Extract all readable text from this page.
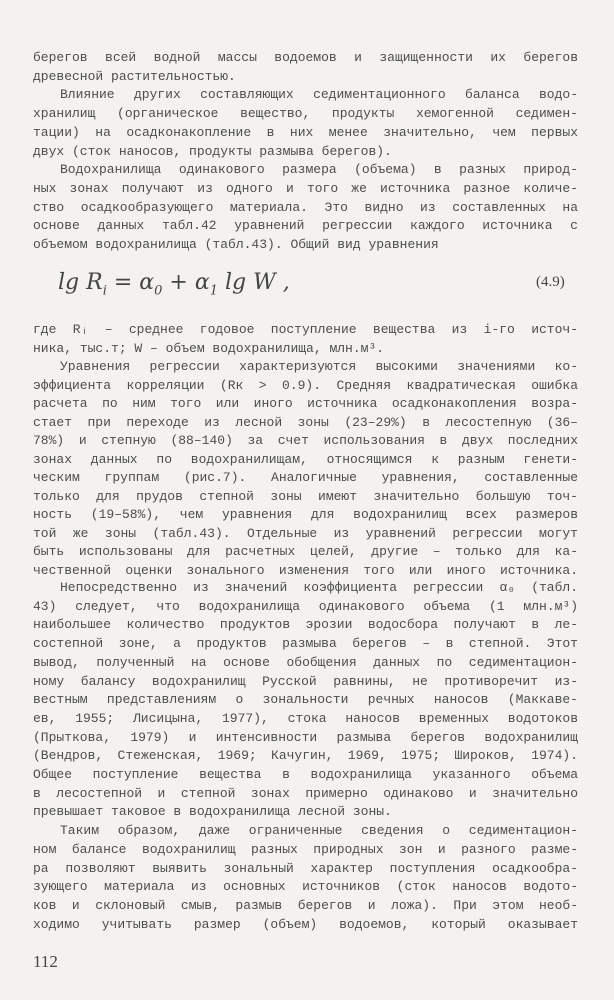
берегов всей водной массы водоемов и защищенности их берегов
древесной растительностью.
Влияние других составляющих седиментационного баланса водо-
хранилищ (органическое вещество, продукты хемогенной седимен-
тации) на осадконакопление в них менее значительно, чем первых
двух (сток наносов, продукты размыва берегов).
Водохранилища одинакового размера (объема) в разных природ-
ных зонах получают из одного и того же источника разное количе-
ство осадкообразующего материала. Это видно из составленных на
основе данных табл.42 уравнений регрессии каждого источника с
объемом водохранилища (табл.43). Общий вид уравнения
где Rᵢ – среднее годовое поступление вещества из i-го источ-
ника, тыс.т; W – объем водохранилища, млн.м³.
Уравнения регрессии характеризуются высокими значениями ко-
эффициента корреляции (Rк > 0.9). Средняя квадратическая ошибка
расчета по ним того или иного источника осадконакопления возра-
стает при переходе из лесной зоны (23–29%) в лесостепную (36–
78%) и степную (88–140) за счет использования в двух последних
зонах данных по водохранилищам, относящимся к разным генети-
ческим группам (рис.7). Аналогичные уравнения, составленные
только для прудов степной зоны имеют значительно большую точ-
ность (19–58%), чем уравнения для водохранилищ всех размеров
той же зоны (табл.43). Отдельные из уравнений регрессии могут
быть использованы для расчетных целей, другие – только для ка-
чественной оценки зонального изменения того или иного источника.
Непосредственно из значений коэффициента регрессии α₀ (табл.
43) следует, что водохранилища одинакового объема (1 млн.м³)
наибольшее количество продуктов эрозии водосбора получают в ле-
состепной зоне, а продуктов размыва берегов – в степной. Этот
вывод, полученный на основе обобщения данных по седиментацион-
ному балансу водохранилищ Русской равнины, не противоречит из-
вестным представлениям о зональности речных наносов (Маккаве-
ев, 1955; Лисицына, 1977), стока наносов временных водотоков
(Прыткова, 1979) и интенсивности размыва берегов водохранилищ
(Вендров, Стеженская, 1969; Качугин, 1969, 1975; Широков, 1974).
Общее поступление вещества в водохранилища указанного объема
в лесостепной и степной зонах примерно одинаково и значительно
превышает таковое в водохранилища лесной зоны.
Таким образом, даже ограниченные сведения о седиментацион-
ном балансе водохранилищ разных природных зон и разного разме-
ра позволяют выявить зональный характер поступления осадкообра-
зующего материала из основных источников (сток наносов водото-
ков и склоновый смыв, размыв берегов и ложа). При этом необ-
ходимо учитывать размер (объем) водоемов, который оказывает
$\lg R_i = \alpha_0 + \alpha_1$ lg W ,	(4.9)
112
